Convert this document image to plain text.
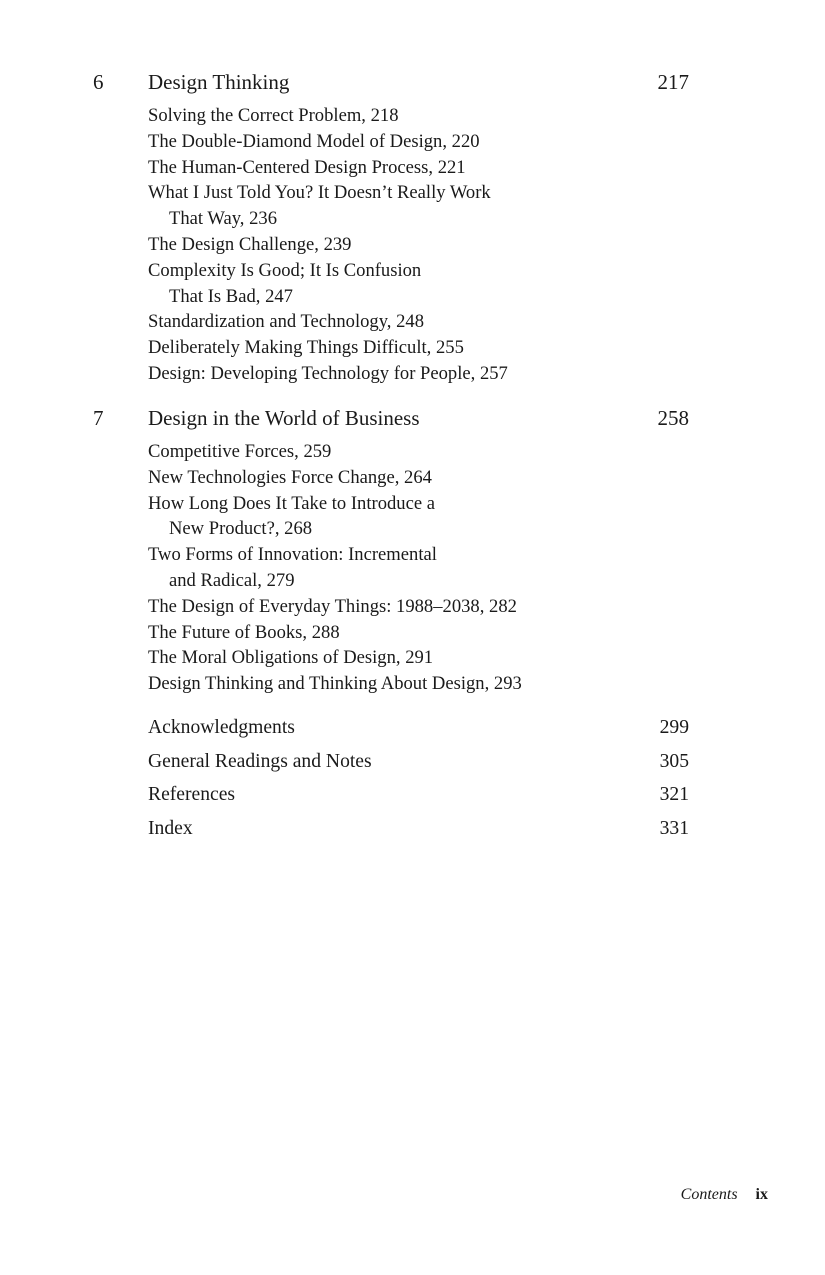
6 Design Thinking	217
Solving the Correct Problem, 218
The Double-Diamond Model of Design, 220
The Human-Centered Design Process, 221
What I Just Told You? It Doesn’t Really Work
That Way, 236
The Design Challenge, 239
Complexity Is Good; It Is Confusion
That Is Bad, 247
Standardization and Technology, 248
Deliberately Making Things Difficult, 255
Design: Developing Technology for People, 257
7 Design in the World of Business	258
Competitive Forces, 259
New Technologies Force Change, 264
How Long Does It Take to Introduce a
New Product?, 268
Two Forms of Innovation: Incremental
and Radical, 279
The Design of Everyday Things: 1988–2038, 282
The Future of Books, 288
The Moral Obligations of Design, 291
Design Thinking and Thinking About Design, 293
Acknowledgments	299
General Readings and Notes	305
References	321
Index	331
Contents ix
